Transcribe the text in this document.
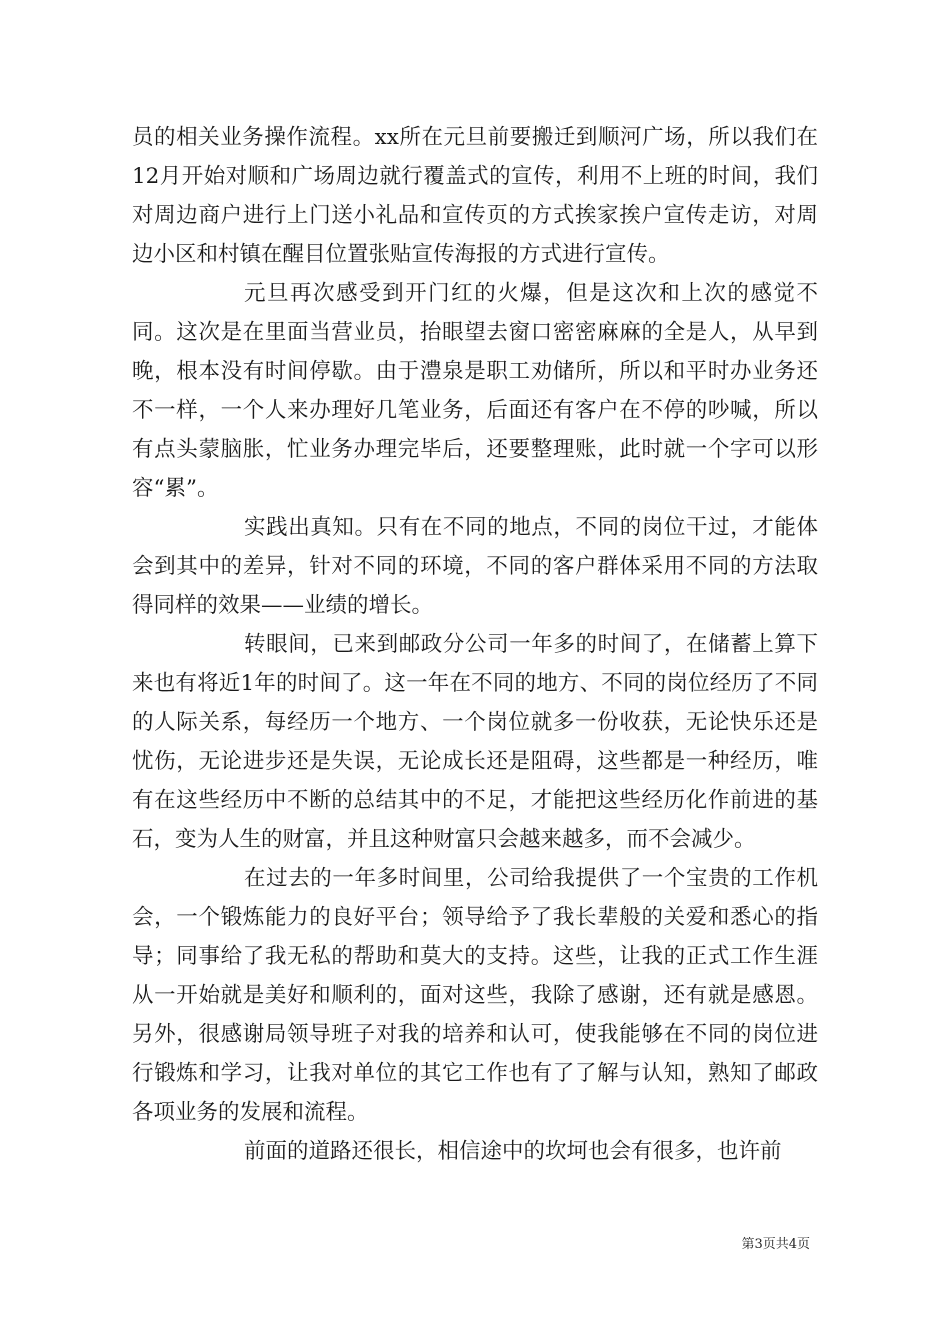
员的相关业务操作流程。xx所在元旦前要搬迁到顺河广场，所以我们在12月开始对顺和广场周边就行覆盖式的宣传，利用不上班的时间，我们对周边商户进行上门送小礼品和宣传页的方式挨家挨户宣传走访，对周边小区和村镇在醒目位置张贴宣传海报的方式进行宣传。

元旦再次感受到开门红的火爆，但是这次和上次的感觉不同。这次是在里面当营业员，抬眼望去窗口密密麻麻的全是人，从早到晚，根本没有时间停歇。由于澧泉是职工劝储所，所以和平时办业务还不一样，一个人来办理好几笔业务，后面还有客户在不停的吵喊，所以有点头蒙脑胀，忙业务办理完毕后，还要整理账，此时就一个字可以形容“累”。

实践出真知。只有在不同的地点，不同的岗位干过，才能体会到其中的差异，针对不同的环境，不同的客户群体采用不同的方法取得同样的效果——业绩的增长。

转眼间，已来到邮政分公司一年多的时间了，在储蓄上算下来也有将近1年的时间了。这一年在不同的地方、不同的岗位经历了不同的人际关系，每经历一个地方、一个岗位就多一份收获，无论快乐还是忧伤，无论进步还是失误，无论成长还是阻碍，这些都是一种经历，唯有在这些经历中不断的总结其中的不足，才能把这些经历化作前进的基石，变为人生的财富，并且这种财富只会越来越多，而不会减少。

在过去的一年多时间里，公司给我提供了一个宝贵的工作机会，一个锻炼能力的良好平台；领导给予了我长辈般的关爱和悉心的指导；同事给了我无私的帮助和莫大的支持。这些，让我的正式工作生涯从一开始就是美好和顺利的，面对这些，我除了感谢，还有就是感恩。另外，很感谢局领导班子对我的培养和认可，使我能够在不同的岗位进行锻炼和学习，让我对单位的其它工作也有了了解与认知，熟知了邮政各项业务的发展和流程。

前面的道路还很长，相信途中的坎坷也会有很多，也许前

第3页共4页
